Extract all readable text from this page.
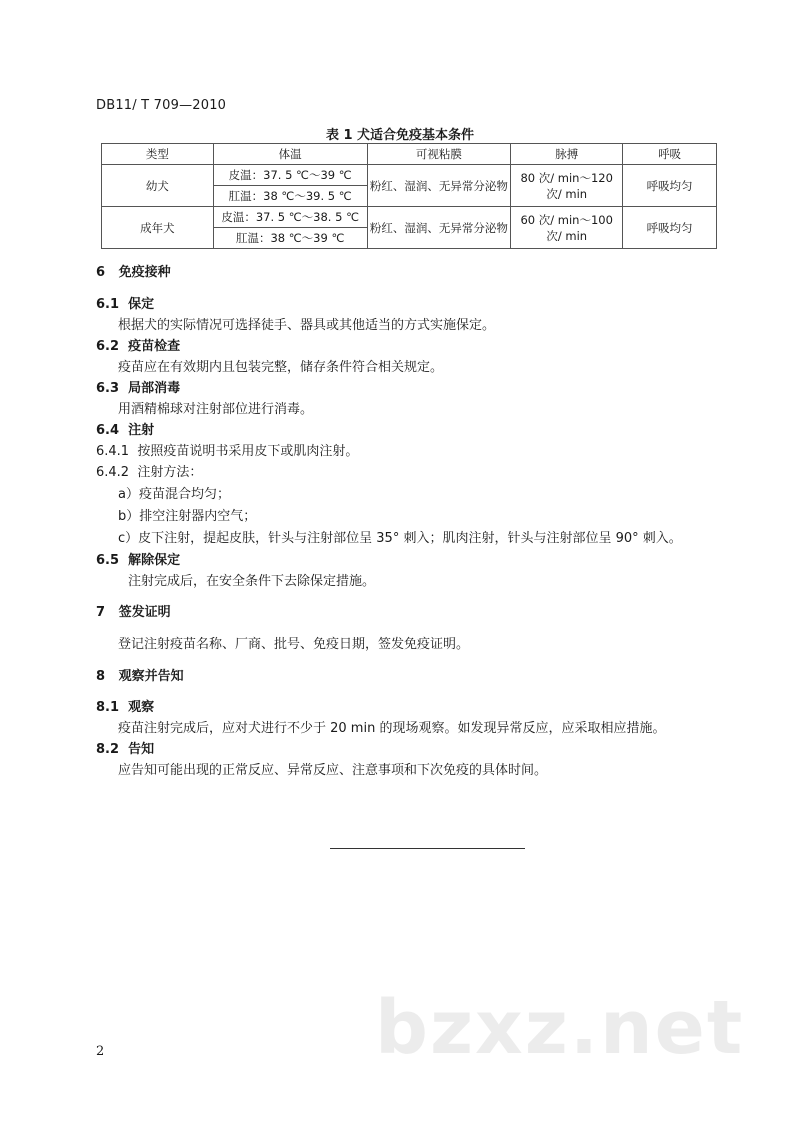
DB11/ T 709—2010
表 1 犬适合免疫基本条件
类型	体温	可视粘膜	脉搏	呼吸
幼犬	皮温：37. 5 ℃～39 ℃	粉红、湿润、无异常分泌物	80 次/ min～120 次/ min	呼吸均匀
	肛温：38 ℃～39. 5 ℃			
成年犬	皮温：37. 5 ℃～38. 5 ℃	粉红、湿润、无异常分泌物	60 次/ min～100 次/ min	呼吸均匀
	肛温：38 ℃～39 ℃			
6 免疫接种
6.1 保定
根据犬的实际情况可选择徒手、器具或其他适当的方式实施保定。
6.2 疫苗检查
疫苗应在有效期内且包装完整，储存条件符合相关规定。
6.3 局部消毒
用酒精棉球对注射部位进行消毒。
6.4 注射
6.4.1 按照疫苗说明书采用皮下或肌肉注射。
6.4.2 注射方法：
a）疫苗混合均匀；
b）排空注射器内空气；
c）皮下注射，提起皮肤，针头与注射部位呈 35° 刺入；肌肉注射，针头与注射部位呈 90° 刺入。
6.5 解除保定
注射完成后，在安全条件下去除保定措施。
7 签发证明
登记注射疫苗名称、厂商、批号、免疫日期，签发免疫证明。
8 观察并告知
8.1 观察
疫苗注射完成后，应对犬进行不少于 20 min 的现场观察。如发现异常反应，应采取相应措施。
8.2 告知
应告知可能出现的正常反应、异常反应、注意事项和下次免疫的具体时间。
bzxz.net
2
